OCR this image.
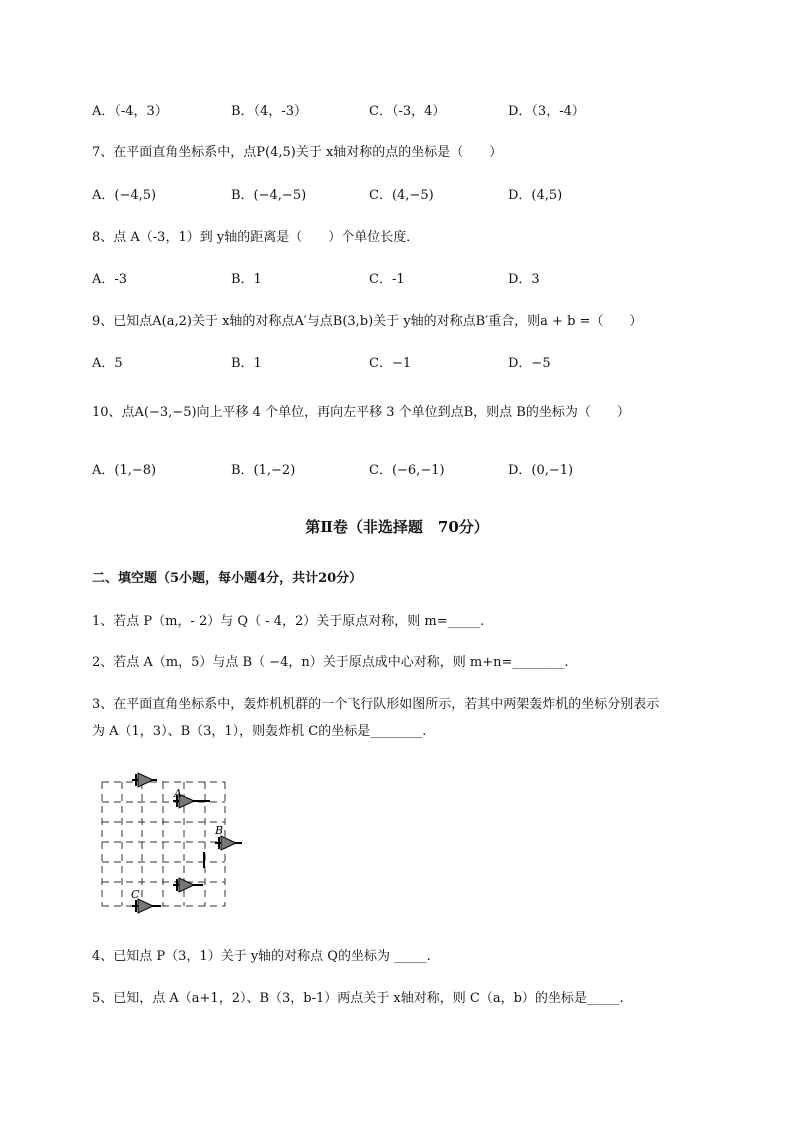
A．（-4，3）	B．（4，-3）	C．（-3，4）	D．（3，-4）
7、在平面直角坐标系中，点P(4,5)关于 x轴对称的点的坐标是（　　）
A．(−4,5)	B．(−4,−5)	C．(4,−5)	D．(4,5)
8、点 A（-3，1）到 y轴的距离是（　　）个单位长度．
A．-3	B．1	C．-1	D．3
9、已知点A(a,2)关于 x轴的对称点A′与点B(3,b)关于 y轴的对称点B′重合，则a + b =（　　）
A．5	B．1	C．−1	D．−5
10、点A(−3,−5)向上平移 4 个单位，再向左平移 3 个单位到点B，则点 B的坐标为（　　）
A．(1,−8)	B．(1,−2)	C．(−6,−1)	D．(0,−1)
第Ⅱ卷（非选择题　70分）
二、填空题（5小题，每小题4分，共计20分）
1、若点 P（m，- 2）与 Q（ - 4，2）关于原点对称，则 m=_____.
2、若点 A（m，5）与点 B（ −4，n）关于原点成中心对称，则 m+n=________.
3、在平面直角坐标系中，轰炸机机群的一个飞行队形如图所示，若其中两架轰炸机的坐标分别表示
为 A（1，3）、B（3，1），则轰炸机 C的坐标是________.
A
B
C
4、已知点 P（3，1）关于 y轴的对称点 Q的坐标为 _____.
5、已知，点 A（a+1，2）、B（3，b-1）两点关于 x轴对称，则 C（a，b）的坐标是_____.
